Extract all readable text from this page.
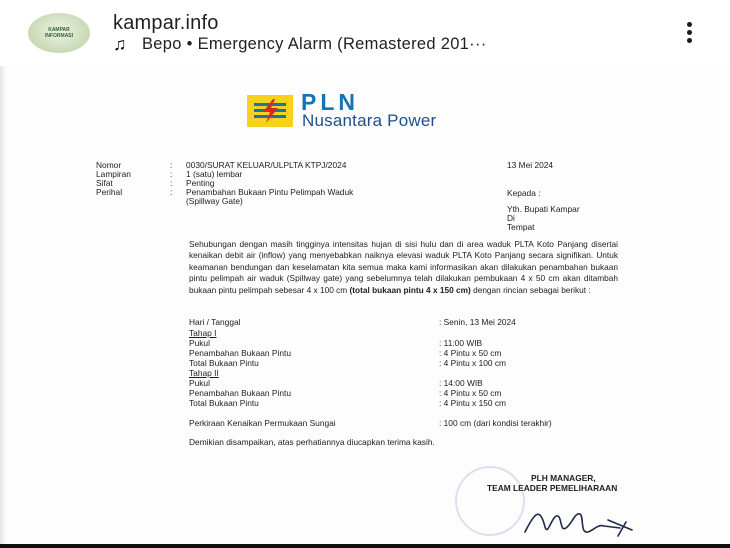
KAMPAR INFORMASI
kampar.info
♫ Bepo • Emergency Alarm (Remastered 201···
PLN
Nusantara Power
Nomor	: 0030/SURAT KELUAR/ULPLTA KTPJ/2024	13 Mei 2024
Lampiran	: 1 (satu) lembar
Sifat	: Penting
Perihal	: Penambahan Bukaan Pintu Pelimpah Waduk
(Spillway Gate)
Kepada :
Yth. Bupati Kampar
Di
Tempat
Sehubungan dengan masih tingginya intensitas hujan di sisi hulu dan di area waduk PLTA Koto Panjang disertai kenaikan debit air (inflow) yang menyebabkan naiknya elevasi waduk PLTA Koto Panjang secara signifikan. Untuk keamanan bendungan dan keselamatan kita semua maka kami informasikan akan dilakukan penambahan bukaan pintu pelimpah air waduk (Spillway gate) yang sebelumnya telah dilakukan pembukaan 4 x 50 cm akan ditambah bukaan pintu pelimpah sebesar 4 x 100 cm (total bukaan pintu 4 x 150 cm) dengan rincian sebagai berikut :
Hari / Tanggal	: Senin, 13 Mei 2024
Tahap I
Pukul	: 11:00 WIB
Penambahan Bukaan Pintu	: 4 Pintu x 50 cm
Total Bukaan Pintu	: 4 Pintu x 100 cm
Tahap II
Pukul	: 14:00 WIB
Penambahan Bukaan Pintu	: 4 Pintu x 50 cm
Total Bukaan Pintu	: 4 Pintu x 150 cm
Perkiraan Kenaikan Permukaan Sungai	: 100 cm (dari kondisi terakhir)
Demikian disampaikan, atas perhatiannya diucapkan terima kasih.
PLH MANAGER,
TEAM LEADER PEMELIHARAAN
